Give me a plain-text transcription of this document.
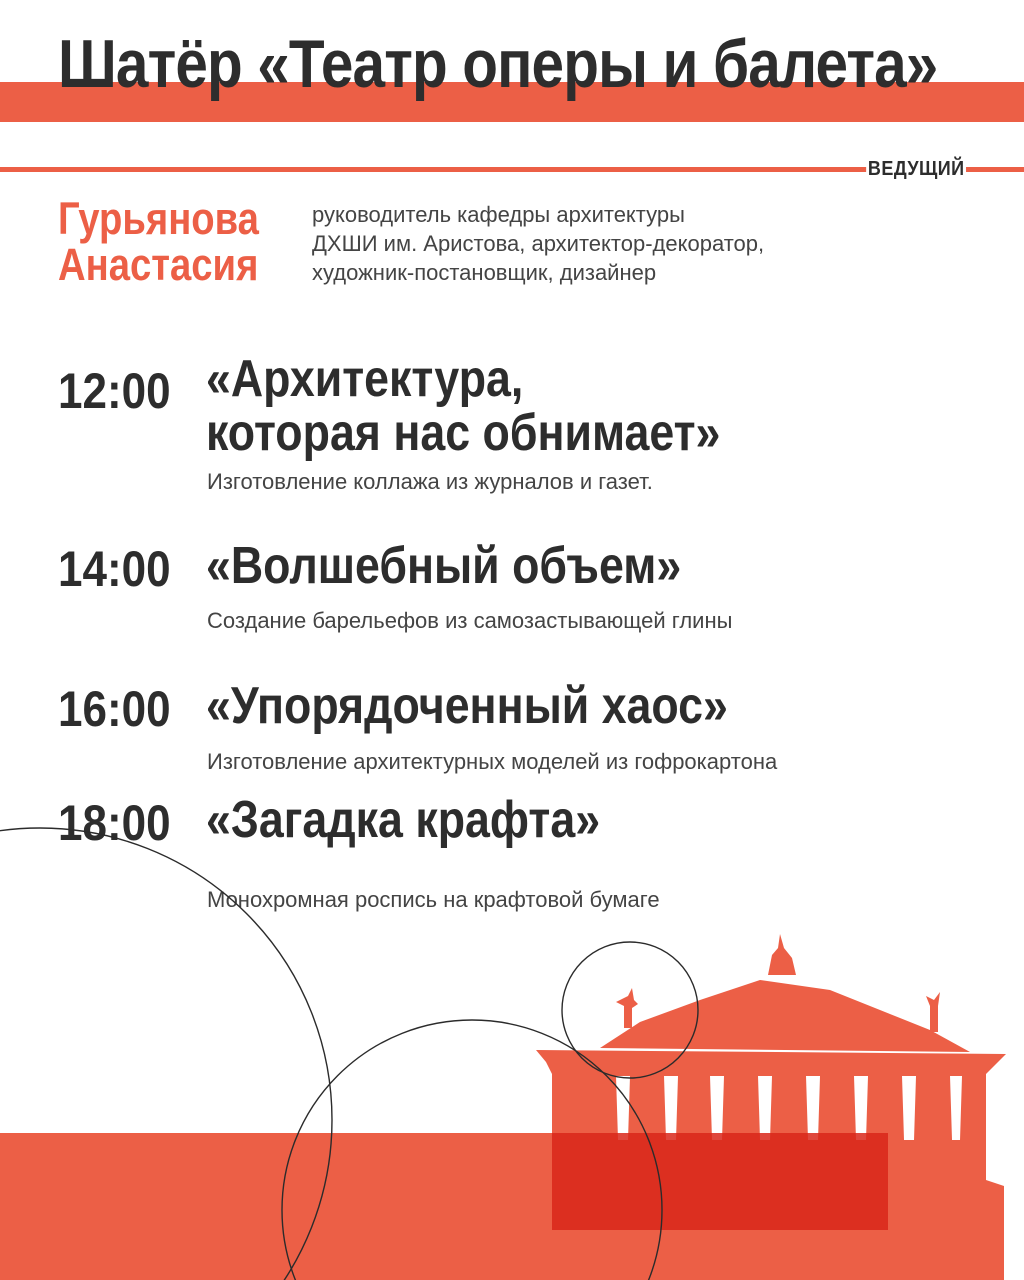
Шатёр «Театр оперы и балета»
ВЕДУЩИЙ
Гурьянова
Анастасия
руководитель кафедры архитектуры
ДХШИ им. Аристова, архитектор-декоратор,
художник-постановщик, дизайнер
12:00 «Архитектура,
которая нас обнимает»
Изготовление коллажа из журналов и газет.
14:00 «Волшебный объем»
Создание барельефов из самозастывающей глины
16:00 «Упорядоченный хаос»
Изготовление архитектурных моделей из гофрокартона
18:00 «Загадка крафта»
Монохромная роспись на крафтовой бумаге
